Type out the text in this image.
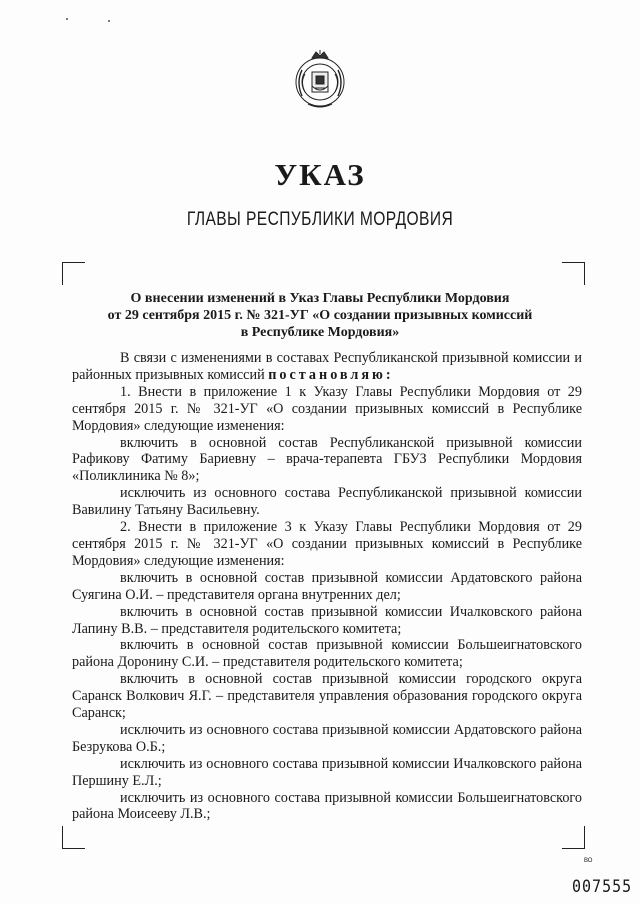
УКАЗ
ГЛАВЫ РЕСПУБЛИКИ МОРДОВИЯ
О внесении изменений в Указ Главы Республики Мордовия
от 29 сентября 2015 г. № 321-УГ «О создании призывных комиссий
в Республике Мордовия»

В связи с изменениями в составах Республиканской призывной комиссии и районных призывных комиссий постановляю:

1. Внести в приложение 1 к Указу Главы Республики Мордовия от 29 сентября 2015 г. № 321-УГ «О создании призывных комиссий в Республике Мордовия» следующие изменения:

включить в основной состав Республиканской призывной комиссии Рафикову Фатиму Бариевну – врача-терапевта ГБУЗ Республики Мордовия «Поликлиника № 8»;

исключить из основного состава Республиканской призывной комиссии Вавилину Татьяну Васильевну.

2. Внести в приложение 3 к Указу Главы Республики Мордовия от 29 сентября 2015 г. № 321-УГ «О создании призывных комиссий в Республике Мордовия» следующие изменения:

включить в основной состав призывной комиссии Ардатовского района Суягина О.И. – представителя органа внутренних дел;

включить в основной состав призывной комиссии Ичалковского района Лапину В.В. – представителя родительского комитета;

включить в основной состав призывной комиссии Большеигнатовского района Доронину С.И. – представителя родительского комитета;

включить в основной состав призывной комиссии городского округа Саранск Волкович Я.Г. – представителя управления образования городского округа Саранск;

исключить из основного состава призывной комиссии Ардатовского района Безрукова О.Б.;

исключить из основного состава призывной комиссии Ичалковского района Першину Е.Л.;

исключить из основного состава призывной комиссии Большеигнатовского района Моисееву Л.В.;

ВО
007555
